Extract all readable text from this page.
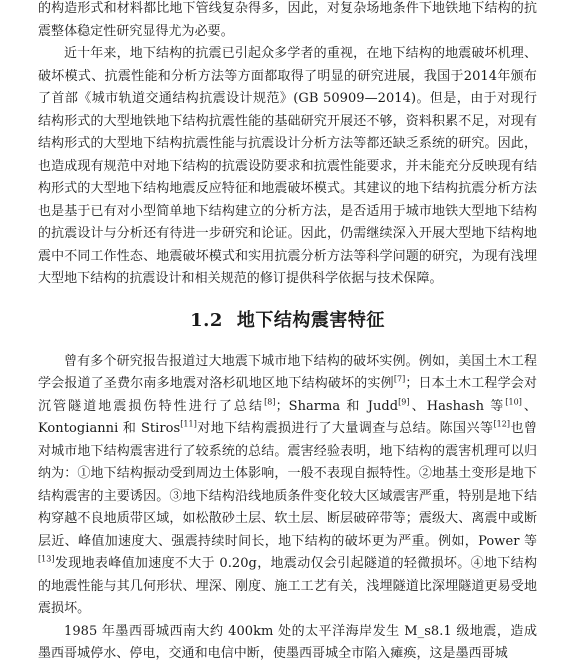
的构造形式和材料都比地下管线复杂得多，因此，对复杂场地条件下地铁地下结构的抗震整体稳定性研究显得尤为必要。

近十年来，地下结构的抗震已引起众多学者的重视，在地下结构的地震破坏机理、破坏模式、抗震性能和分析方法等方面都取得了明显的研究进展，我国于2014年颁布了首部《城市轨道交通结构抗震设计规范》(GB 50909—2014)。但是，由于对现行结构形式的大型地铁地下结构抗震性能的基础研究开展还不够，资料积累不足，对现有结构形式的大型地下结构抗震性能与抗震设计分析方法等都还缺乏系统的研究。因此，也造成现有规范中对地下结构的抗震设防要求和抗震性能要求，并未能充分反映现有结构形式的大型地下结构地震反应特征和地震破坏模式。其建议的地下结构抗震分析方法也是基于已有对小型简单地下结构建立的分析方法，是否适用于城市地铁大型地下结构的抗震设计与分析还有待进一步研究和论证。因此，仍需继续深入开展大型地下结构地震中不同工作性态、地震破坏模式和实用抗震分析方法等科学问题的研究，为现有浅埋大型地下结构的抗震设计和相关规范的修订提供科学依据与技术保障。

1.2 地下结构震害特征

曾有多个研究报告报道过大地震下城市地下结构的破坏实例。例如，美国土木工程学会报道了圣费尔南多地震对洛杉矶地区地下结构破坏的实例[7]；日本土木工程学会对沉管隧道地震损伤特性进行了总结[8]；Sharma 和 Judd[9]、Hashash 等[10]、Kontogianni 和 Stiros[11]对地下结构震损进行了大量调查与总结。陈国兴等[12]也曾对城市地下结构震害进行了较系统的总结。震害经验表明，地下结构的震害机理可以归纳为：①地下结构振动受到周边土体影响，一般不表现自振特性。②地基土变形是地下结构震害的主要诱因。③地下结构沿线地质条件变化较大区域震害严重，特别是地下结构穿越不良地质带区域，如松散砂土层、软土层、断层破碎带等；震级大、离震中或断层近、峰值加速度大、强震持续时间长，地下结构的破坏更为严重。例如，Power 等[13]发现地表峰值加速度不大于 0.20g，地震动仅会引起隧道的轻微损坏。④地下结构的地震性能与其几何形状、埋深、刚度、施工工艺有关，浅埋隧道比深埋隧道更易受地震损坏。

1985 年墨西哥城西南大约 400km 处的太平洋海岸发生 M_s8.1 级地震，造成墨西哥城停水、停电，交通和电信中断，使墨西哥城全市陷入瘫痪，这是墨西哥城
